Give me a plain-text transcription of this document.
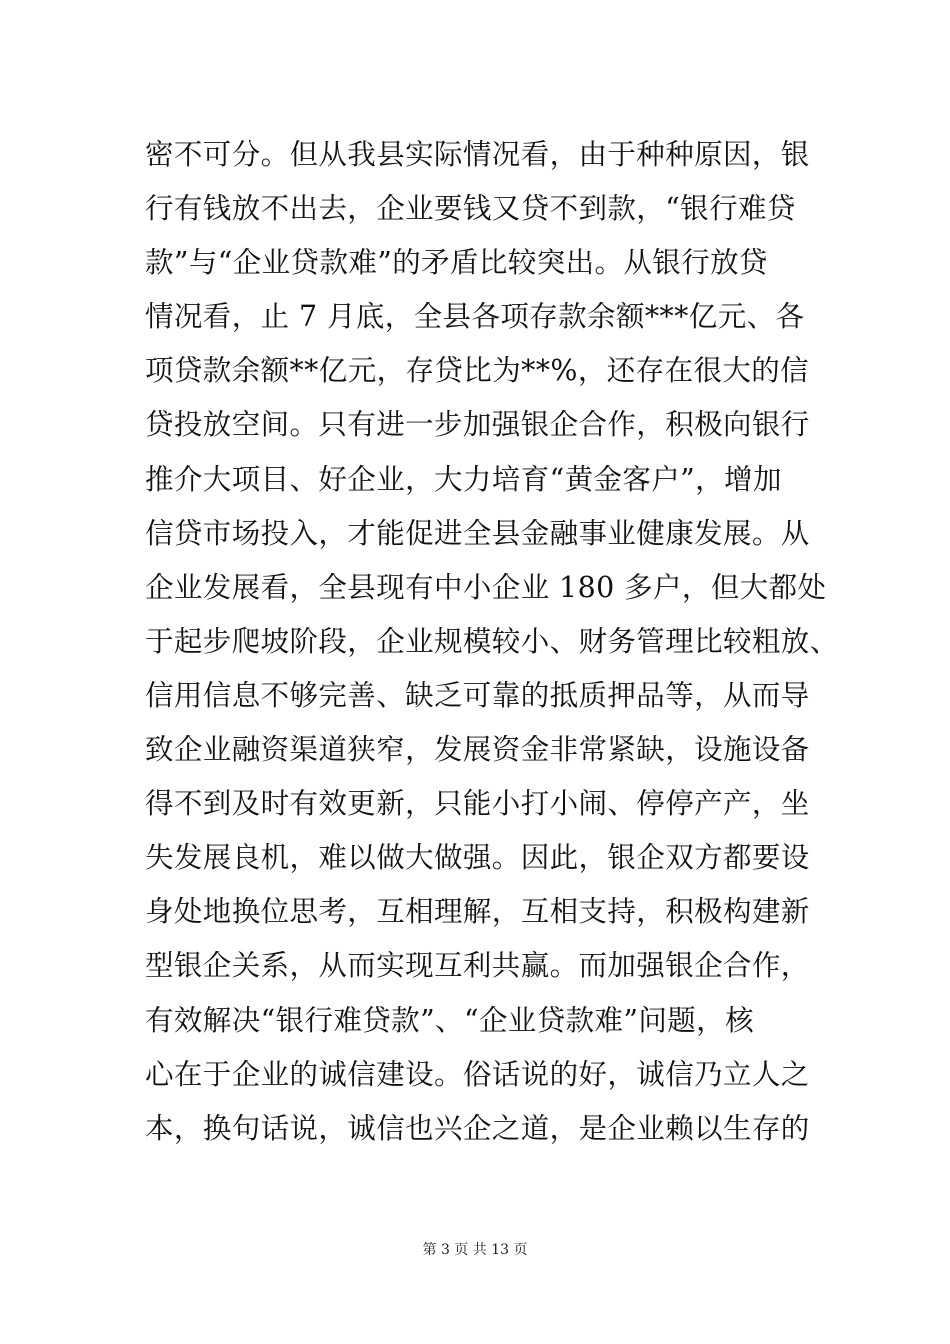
密不可分。但从我县实际情况看，由于种种原因，银
行有钱放不出去，企业要钱又贷不到款，“银行难贷
款”与“企业贷款难”的矛盾比较突出。从银行放贷
情况看，止 7 月底，全县各项存款余额***亿元、各
项贷款余额**亿元，存贷比为**%，还存在很大的信
贷投放空间。只有进一步加强银企合作，积极向银行
推介大项目、好企业，大力培育“黄金客户”，增加
信贷市场投入，才能促进全县金融事业健康发展。从
企业发展看，全县现有中小企业 180 多户，但大都处
于起步爬坡阶段，企业规模较小、财务管理比较粗放、
信用信息不够完善、缺乏可靠的抵质押品等，从而导
致企业融资渠道狭窄，发展资金非常紧缺，设施设备
得不到及时有效更新，只能小打小闹、停停产产，坐
失发展良机，难以做大做强。因此，银企双方都要设
身处地换位思考，互相理解，互相支持，积极构建新
型银企关系，从而实现互利共赢。而加强银企合作，
有效解决“银行难贷款”、“企业贷款难”问题，核
心在于企业的诚信建设。俗话说的好，诚信乃立人之
本，换句话说，诚信也兴企之道，是企业赖以生存的
第 3 页 共 13 页
